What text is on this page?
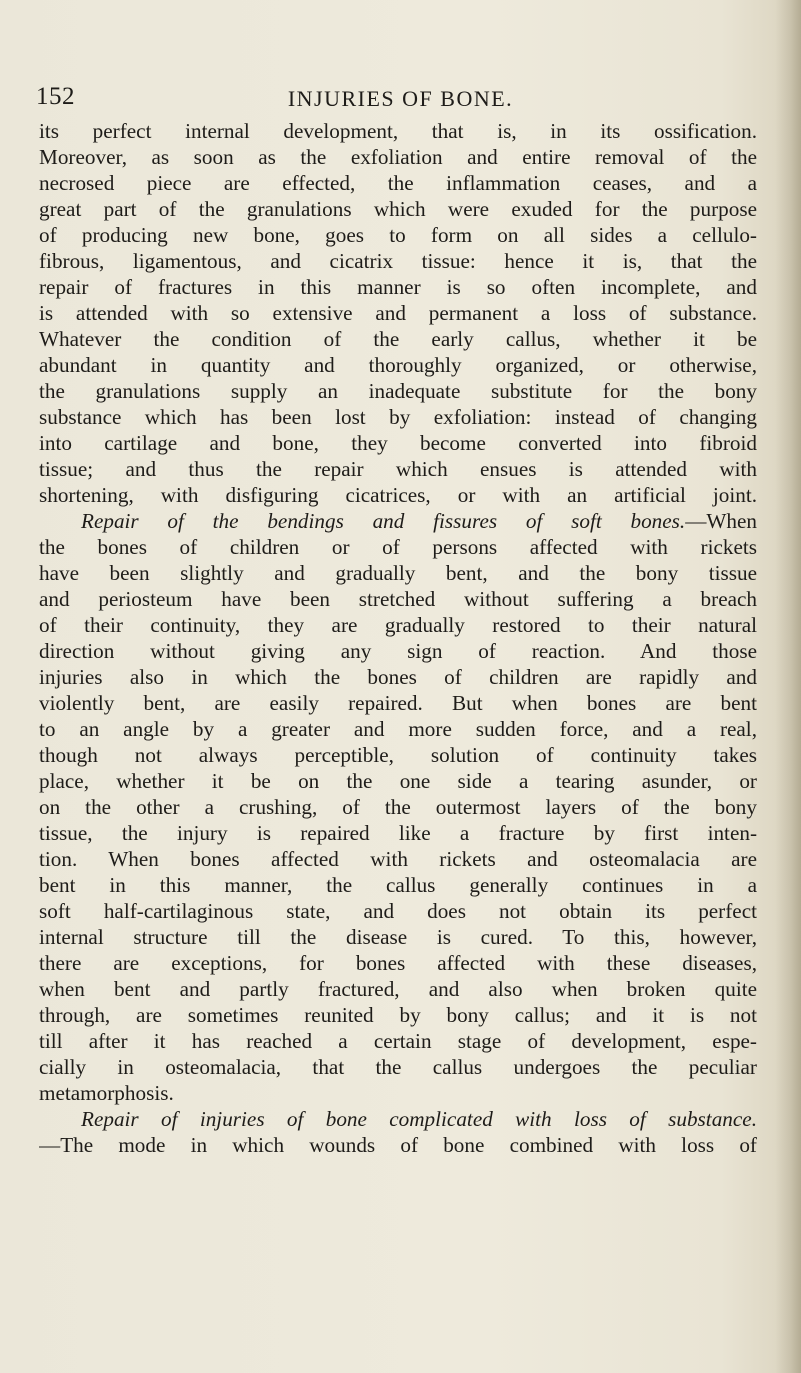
152	INJURIES OF BONE.
its perfect internal development, that is, in its ossification.
Moreover, as soon as the exfoliation and entire removal of the
necrosed piece are effected, the inflammation ceases, and a
great part of the granulations which were exuded for the purpose
of producing new bone, goes to form on all sides a cellulo-
fibrous, ligamentous, and cicatrix tissue: hence it is, that the
repair of fractures in this manner is so often incomplete, and
is attended with so extensive and permanent a loss of substance.
Whatever the condition of the early callus, whether it be
abundant in quantity and thoroughly organized, or otherwise,
the granulations supply an inadequate substitute for the bony
substance which has been lost by exfoliation: instead of changing
into cartilage and bone, they become converted into fibroid
tissue; and thus the repair which ensues is attended with
shortening, with disfiguring cicatrices, or with an artificial joint.
Repair of the bendings and fissures of soft bones.—When
the bones of children or of persons affected with rickets
have been slightly and gradually bent, and the bony tissue
and periosteum have been stretched without suffering a breach
of their continuity, they are gradually restored to their natural
direction without giving any sign of reaction. And those
injuries also in which the bones of children are rapidly and
violently bent, are easily repaired. But when bones are bent
to an angle by a greater and more sudden force, and a real,
though not always perceptible, solution of continuity takes
place, whether it be on the one side a tearing asunder, or
on the other a crushing, of the outermost layers of the bony
tissue, the injury is repaired like a fracture by first inten-
tion. When bones affected with rickets and osteomalacia are
bent in this manner, the callus generally continues in a
soft half-cartilaginous state, and does not obtain its perfect
internal structure till the disease is cured. To this, however,
there are exceptions, for bones affected with these diseases,
when bent and partly fractured, and also when broken quite
through, are sometimes reunited by bony callus; and it is not
till after it has reached a certain stage of development, espe-
cially in osteomalacia, that the callus undergoes the peculiar
metamorphosis.
Repair of injuries of bone complicated with loss of substance.
—The mode in which wounds of bone combined with loss of
